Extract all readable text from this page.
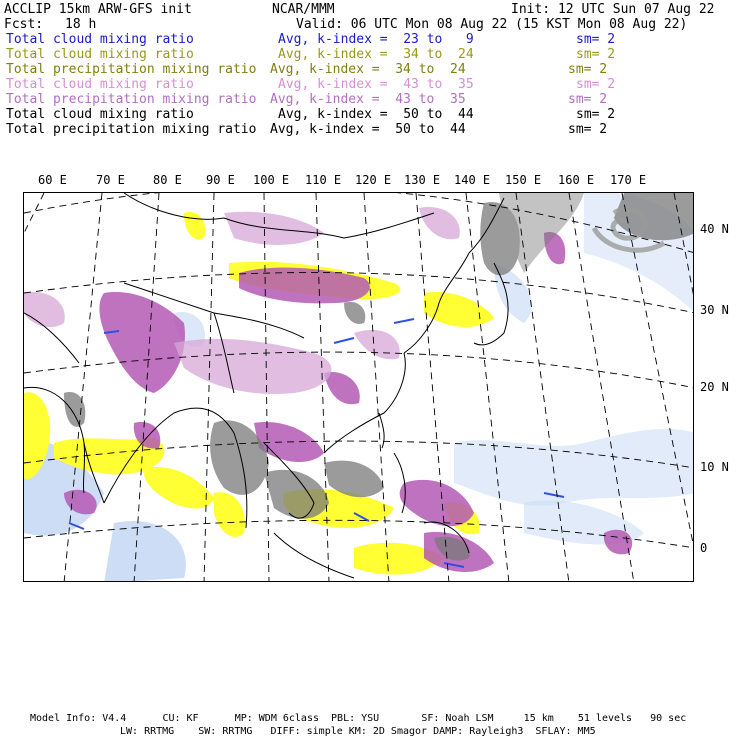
ACCLIP 15km ARW-GFS init	NCAR/MMM	Init: 12 UTC Sun 07 Aug 22
Fcst: 18 h	Valid: 06 UTC Mon 08 Aug 22 (15 KST Mon 08 Aug 22)
Total cloud mixing ratio	Avg, k-index =  23 to   9	sm= 2
Total cloud mixing ratio	Avg, k-index =  34 to  24	sm= 2
Total precipitation mixing ratio Avg, k-index =  34 to  24	sm= 2
Total cloud mixing ratio	Avg, k-index =  43 to  35	sm= 2
Total precipitation mixing ratio Avg, k-index =  43 to  35	sm= 2
Total cloud mixing ratio	Avg, k-index =  50 to  44	sm= 2
Total precipitation mixing ratio Avg, k-index =  50 to  44	sm= 2
60 E 70 E 80 E 90 E 100 E 110 E 120 E 130 E 140 E 150 E 160 E 170 E
40 N
30 N
20 N
10 N
0
Model Info: V4.4      CU: KF      MP: WDM 6class  PBL: YSU       SF: Noah LSM     15 km    51 levels   90 sec
LW: RRTMG    SW: RRTMG   DIFF: simple KM: 2D Smagor DAMP: Rayleigh3  SFLAY: MM5
